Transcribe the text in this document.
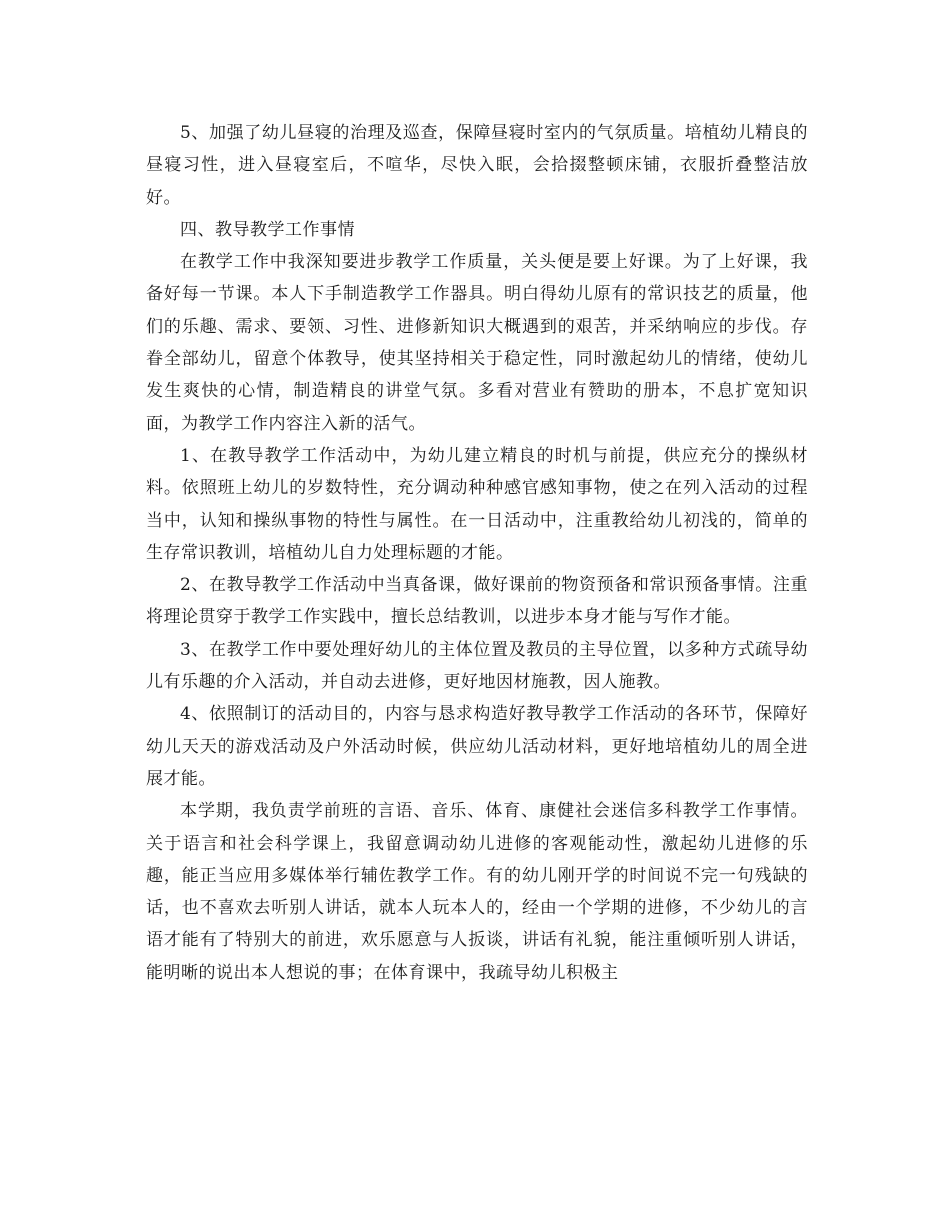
5、加强了幼儿昼寝的治理及巡查，保障昼寝时室内的气氛质量。培植幼儿精良的昼寝习性，进入昼寝室后，不喧华，尽快入眠，会拾掇整顿床铺，衣服折叠整洁放好。

四、教导教学工作事情

在教学工作中我深知要进步教学工作质量，关头便是要上好课。为了上好课，我备好每一节课。本人下手制造教学工作器具。明白得幼儿原有的常识技艺的质量，他们的乐趣、需求、要领、习性、进修新知识大概遇到的艰苦，并采纳响应的步伐。存眷全部幼儿，留意个体教导，使其坚持相关于稳定性，同时激起幼儿的情绪，使幼儿发生爽快的心情，制造精良的讲堂气氛。多看对营业有赞助的册本，不息扩宽知识面，为教学工作内容注入新的活气。

1、在教导教学工作活动中，为幼儿建立精良的时机与前提，供应充分的操纵材料。依照班上幼儿的岁数特性，充分调动种种感官感知事物，使之在列入活动的过程当中，认知和操纵事物的特性与属性。在一日活动中，注重教给幼儿初浅的，简单的生存常识教训，培植幼儿自力处理标题的才能。

2、在教导教学工作活动中当真备课，做好课前的物资预备和常识预备事情。注重将理论贯穿于教学工作实践中，擅长总结教训，以进步本身才能与写作才能。

3、在教学工作中要处理好幼儿的主体位置及教员的主导位置，以多种方式疏导幼儿有乐趣的介入活动，并自动去进修，更好地因材施教，因人施教。

4、依照制订的活动目的，内容与恳求构造好教导教学工作活动的各环节，保障好幼儿天天的游戏活动及户外活动时候，供应幼儿活动材料，更好地培植幼儿的周全进展才能。

本学期，我负责学前班的言语、音乐、体育、康健社会迷信多科教学工作事情。关于语言和社会科学课上，我留意调动幼儿进修的客观能动性，激起幼儿进修的乐趣，能正当应用多媒体举行辅佐教学工作。有的幼儿刚开学的时间说不完一句残缺的话，也不喜欢去听别人讲话，就本人玩本人的，经由一个学期的进修，不少幼儿的言语才能有了特别大的前进，欢乐愿意与人扳谈，讲话有礼貌，能注重倾听别人讲话，能明晰的说出本人想说的事；在体育课中，我疏导幼儿积极主
